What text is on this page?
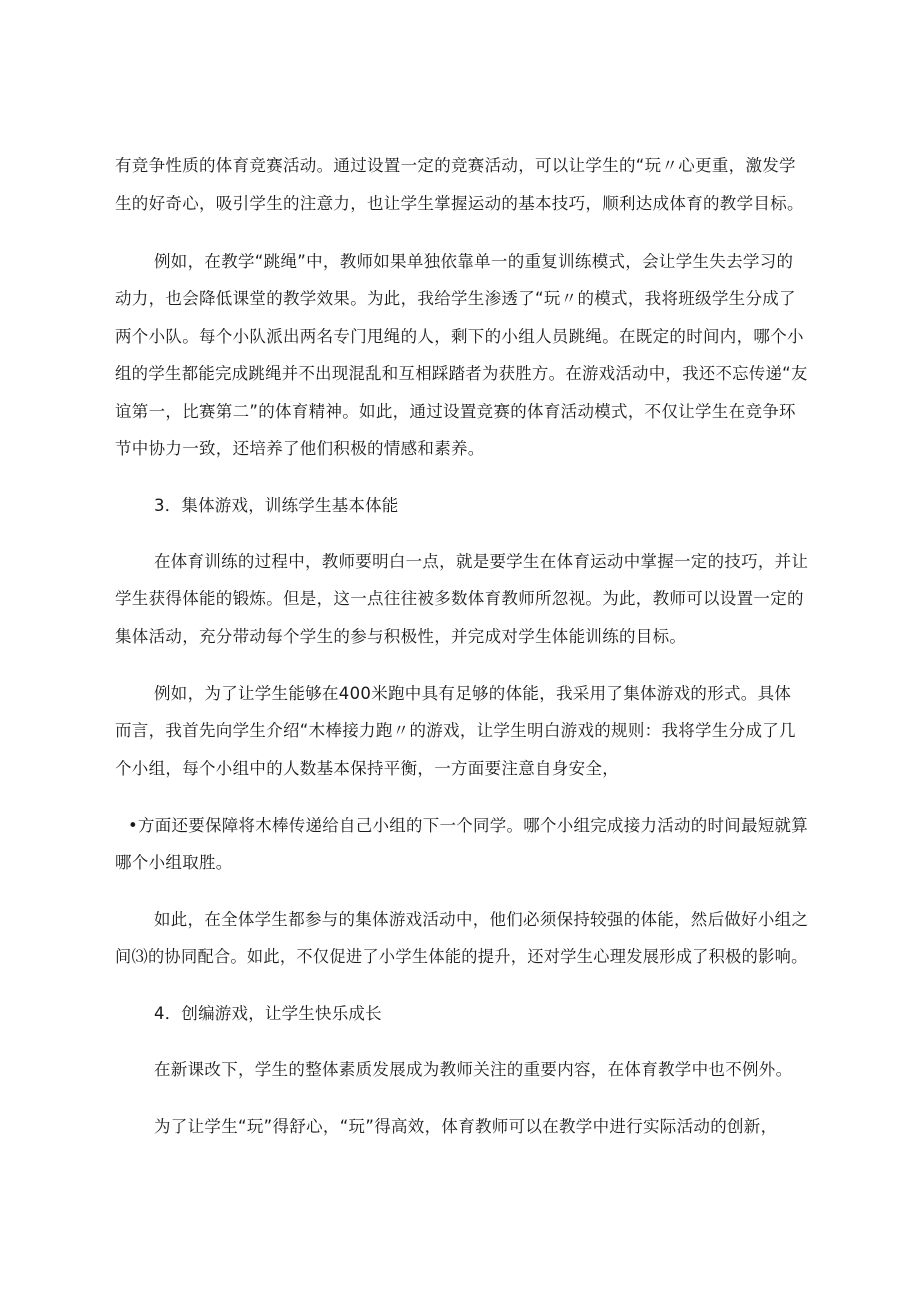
有竞争性质的体育竞赛活动。通过设置一定的竞赛活动，可以让学生的“玩〃心更重，激发学
生的好奇心，吸引学生的注意力，也让学生掌握运动的基本技巧，顺利达成体育的教学目标。
例如，在教学“跳绳”中，教师如果单独依靠单一的重复训练模式，会让学生失去学习的
动力，也会降低课堂的教学效果。为此，我给学生渗透了“玩〃的模式，我将班级学生分成了
两个小队。每个小队派出两名专门甩绳的人，剩下的小组人员跳绳。在既定的时间内，哪个小
组的学生都能完成跳绳并不出现混乱和互相踩踏者为获胜方。在游戏活动中，我还不忘传递“友
谊第一，比赛第二”的体育精神。如此，通过设置竞赛的体育活动模式，不仅让学生在竞争环
节中协力一致，还培养了他们积极的情感和素养。
3．集体游戏，训练学生基本体能
在体育训练的过程中，教师要明白一点，就是要学生在体育运动中掌握一定的技巧，并让
学生获得体能的锻炼。但是，这一点往往被多数体育教师所忽视。为此，教师可以设置一定的
集体活动，充分带动每个学生的参与积极性，并完成对学生体能训练的目标。
例如，为了让学生能够在400米跑中具有足够的体能，我采用了集体游戏的形式。具体
而言，我首先向学生介绍“木棒接力跑〃的游戏，让学生明白游戏的规则：我将学生分成了几
个小组，每个小组中的人数基本保持平衡，一方面要注意自身安全，
•方面还要保障将木棒传递给自己小组的下一个同学。哪个小组完成接力活动的时间最短就算
哪个小组取胜。
如此，在全体学生都参与的集体游戏活动中，他们必须保持较强的体能，然后做好小组之
间⑶的协同配合。如此，不仅促进了小学生体能的提升，还对学生心理发展形成了积极的影响。
4．创编游戏，让学生快乐成长
在新课改下，学生的整体素质发展成为教师关注的重要内容，在体育教学中也不例外。
为了让学生“玩”得舒心，“玩”得高效，体育教师可以在教学中进行实际活动的创新，
